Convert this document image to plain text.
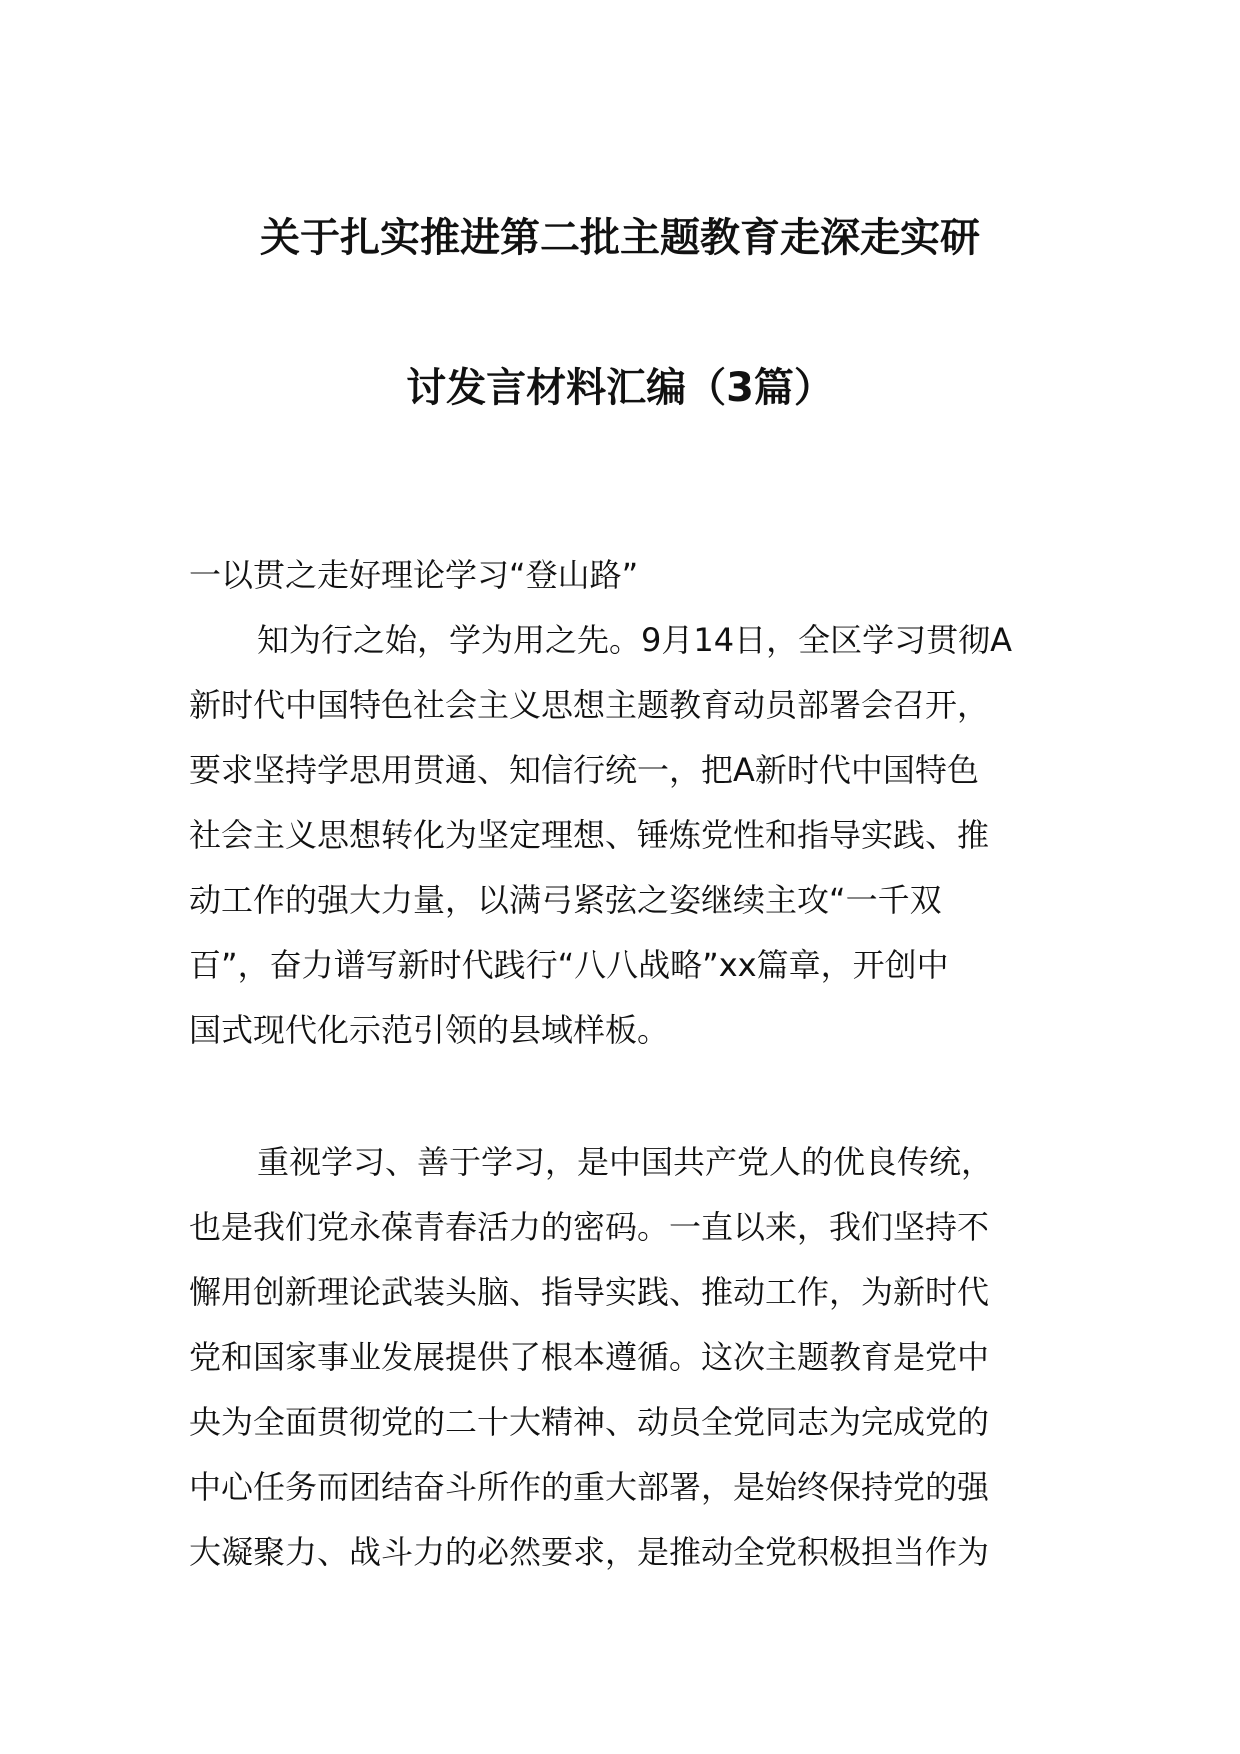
关于扎实推进第二批主题教育走深走实研
讨发言材料汇编（3篇）
一以贯之走好理论学习“登山路”

知为行之始，学为用之先。9月14日，全区学习贯彻A
新时代中国特色社会主义思想主题教育动员部署会召开，
要求坚持学思用贯通、知信行统一，把A新时代中国特色
社会主义思想转化为坚定理想、锤炼党性和指导实践、推
动工作的强大力量，以满弓紧弦之姿继续主攻“一千双
百”，奋力谱写新时代践行“八八战略”xx篇章，开创中
国式现代化示范引领的县域样板。

重视学习、善于学习，是中国共产党人的优良传统，
也是我们党永葆青春活力的密码。一直以来，我们坚持不
懈用创新理论武装头脑、指导实践、推动工作，为新时代
党和国家事业发展提供了根本遵循。这次主题教育是党中
央为全面贯彻党的二十大精神、动员全党同志为完成党的
中心任务而团结奋斗所作的重大部署，是始终保持党的强
大凝聚力、战斗力的必然要求，是推动全党积极担当作为
